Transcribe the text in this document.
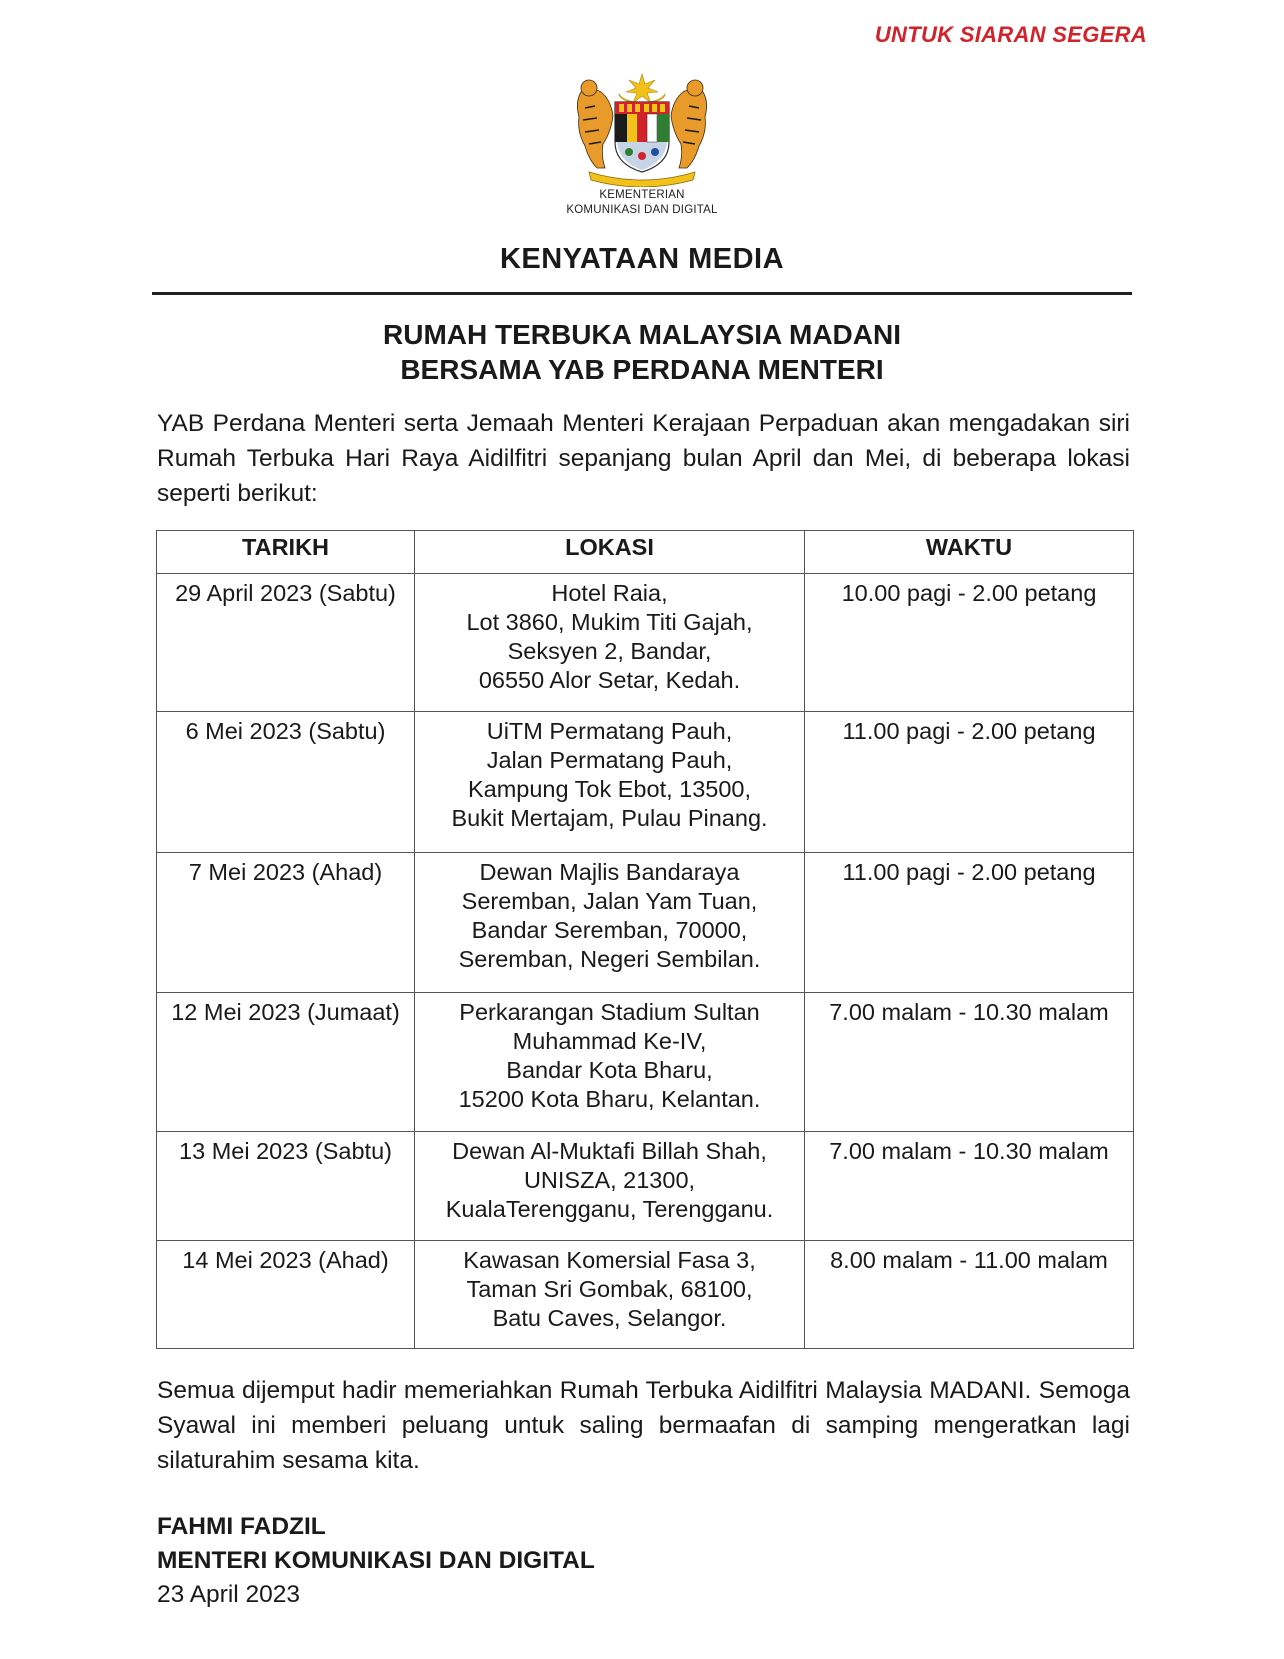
UNTUK SIARAN SEGERA
KEMENTERIAN
KOMUNIKASI DAN DIGITAL
KENYATAAN MEDIA
RUMAH TERBUKA MALAYSIA MADANI
BERSAMA YAB PERDANA MENTERI
YAB Perdana Menteri serta Jemaah Menteri Kerajaan Perpaduan akan mengadakan siri Rumah Terbuka Hari Raya Aidilfitri sepanjang bulan April dan Mei, di beberapa lokasi seperti berikut:
TARIKH	LOKASI	WAKTU
29 April 2023 (Sabtu)	Hotel Raia,
Lot 3860, Mukim Titi Gajah,
Seksyen 2, Bandar,
06550 Alor Setar, Kedah.	10.00 pagi - 2.00 petang
6 Mei 2023 (Sabtu)	UiTM Permatang Pauh,
Jalan Permatang Pauh,
Kampung Tok Ebot, 13500,
Bukit Mertajam, Pulau Pinang.	11.00 pagi - 2.00 petang
7 Mei 2023 (Ahad)	Dewan Majlis Bandaraya
Seremban, Jalan Yam Tuan,
Bandar Seremban, 70000,
Seremban, Negeri Sembilan.	11.00 pagi - 2.00 petang
12 Mei 2023 (Jumaat)	Perkarangan Stadium Sultan
Muhammad Ke-IV,
Bandar Kota Bharu,
15200 Kota Bharu, Kelantan.	7.00 malam - 10.30 malam
13 Mei 2023 (Sabtu)	Dewan Al-Muktafi Billah Shah,
UNISZA, 21300,
KualaTerengganu, Terengganu.	7.00 malam - 10.30 malam
14 Mei 2023 (Ahad)	Kawasan Komersial Fasa 3,
Taman Sri Gombak, 68100,
Batu Caves, Selangor.	8.00 malam - 11.00 malam
Semua dijemput hadir memeriahkan Rumah Terbuka Aidilfitri Malaysia MADANI. Semoga Syawal ini memberi peluang untuk saling bermaafan di samping mengeratkan lagi silaturahim sesama kita.
FAHMI FADZIL
MENTERI KOMUNIKASI DAN DIGITAL
23 April 2023
